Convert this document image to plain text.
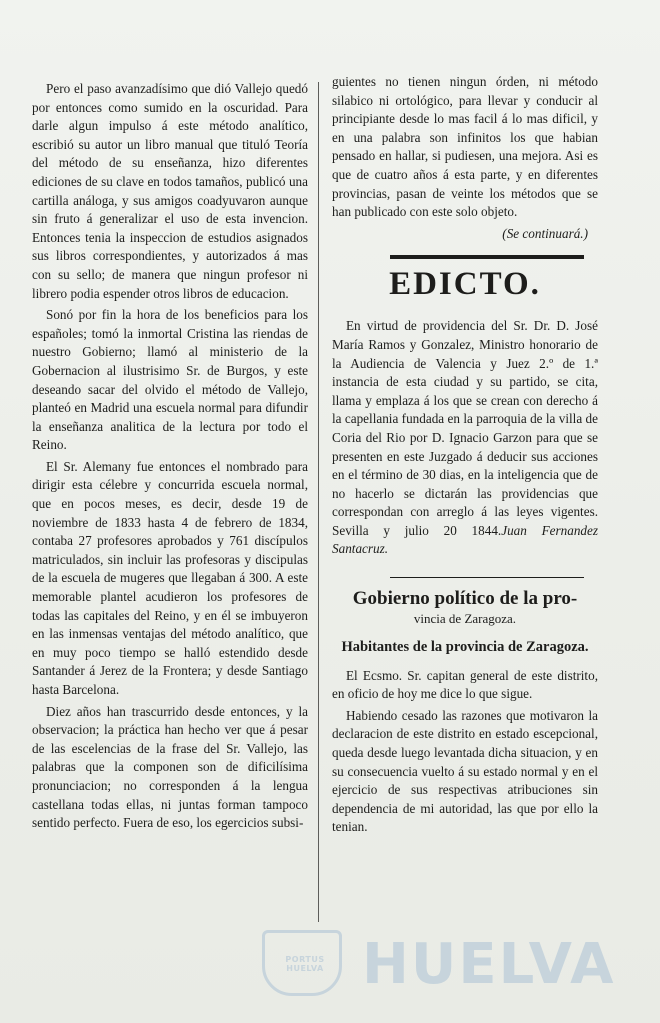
Pero el paso avanzadísimo que dió Vallejo quedó por entonces como sumido en la oscuridad. Para darle algun impulso á este método analítico, escribió su autor un libro manual que tituló Teoría del método de su enseñanza, hizo diferentes ediciones de su clave en todos tamaños, publicó una cartilla análoga, y sus amigos coadyuvaron aunque sin fruto á generalizar el uso de esta invencion. Entonces tenia la inspeccion de estudios asignados sus libros correspondientes, y autorizados á mas con su sello; de manera que ningun profesor ni librero podia espender otros libros de educacion.

Sonó por fin la hora de los beneficios para los españoles; tomó la inmortal Cristina las riendas de nuestro Gobierno; llamó al ministerio de la Gobernacion al ilustrisimo Sr. de Burgos, y este deseando sacar del olvido el método de Vallejo, planteó en Madrid una escuela normal para difundir la enseñanza analitica de la lectura por todo el Reino.

El Sr. Alemany fue entonces el nombrado para dirigir esta célebre y concurrida escuela normal, que en pocos meses, es decir, desde 19 de noviembre de 1833 hasta 4 de febrero de 1834, contaba 27 profesores aprobados y 761 discípulos matriculados, sin incluir las profesoras y discipulas de la escuela de mugeres que llegaban á 300. A este memorable plantel acudieron los profesores de todas las capitales del Reino, y en él se imbuyeron en las inmensas ventajas del método analítico, que en muy poco tiempo se halló estendido desde Santander á Jerez de la Frontera; y desde Santiago hasta Barcelona.

Diez años han trascurrido desde entonces, y la observacion; la práctica han hecho ver que á pesar de las escelencias de la frase del Sr. Vallejo, las palabras que la componen son de dificilísima pronunciacion; no corresponden á la lengua castellana todas ellas, ni juntas forman tampoco sentido perfecto. Fuera de eso, los egercicios subsi-

guientes no tienen ningun órden, ni método silabico ni ortológico, para llevar y conducir al principiante desde lo mas facil á lo mas dificil, y en una palabra son infinitos los que habian pensado en hallar, si pudiesen, una mejora. Asi es que de cuatro años á esta parte, y en diferentes provincias, pasan de veinte los métodos que se han publicado con este solo objeto.

(Se continuará.)

EDICTO.

En virtud de providencia del Sr. Dr. D. José María Ramos y Gonzalez, Ministro honorario de la Audiencia de Valencia y Juez 2.º de 1.ª instancia de esta ciudad y su partido, se cita, llama y emplaza á los que se crean con derecho á la capellania fundada en la parroquia de la villa de Coria del Rio por D. Ignacio Garzon para que se presenten en este Juzgado á deducir sus acciones en el término de 30 dias, en la inteligencia que de no hacerlo se dictarán las providencias que correspondan con arreglo á las leyes vigentes. Sevilla y julio 20 1844.Juan Fernandez Santacruz.

Gobierno político de la pro-

vincia de Zaragoza.

Habitantes de la provincia de Zaragoza.

El Ecsmo. Sr. capitan general de este distrito, en oficio de hoy me dice lo que sigue.

Habiendo cesado las razones que motivaron la declaracion de este distrito en estado escepcional, queda desde luego levantada dicha situacion, y en su consecuencia vuelto á su estado normal y en el ejercicio de sus respectivas atribuciones sin dependencia de mi autoridad, las que por ello la tenian.

PORTUS HUELVA HUELVA
